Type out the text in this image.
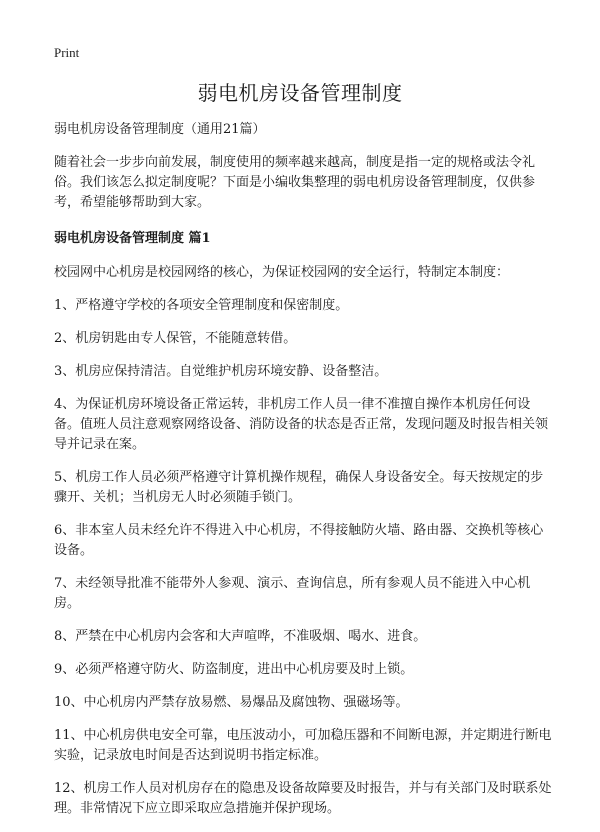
Print
弱电机房设备管理制度

弱电机房设备管理制度（通用21篇）

随着社会一步步向前发展，制度使用的频率越来越高，制度是指一定的规格或法令礼俗。我们该怎么拟定制度呢？下面是小编收集整理的弱电机房设备管理制度，仅供参考，希望能够帮助到大家。

弱电机房设备管理制度 篇1

校园网中心机房是校园网络的核心，为保证校园网的安全运行，特制定本制度：

1、严格遵守学校的各项安全管理制度和保密制度。

2、机房钥匙由专人保管，不能随意转借。

3、机房应保持清洁。自觉维护机房环境安静、设备整洁。

4、为保证机房环境设备正常运转，非机房工作人员一律不准擅自操作本机房任何设备。值班人员注意观察网络设备、消防设备的状态是否正常，发现问题及时报告相关领导并记录在案。

5、机房工作人员必须严格遵守计算机操作规程，确保人身设备安全。每天按规定的步骤开、关机；当机房无人时必须随手锁门。

6、非本室人员未经允许不得进入中心机房，不得接触防火墙、路由器、交换机等核心设备。

7、未经领导批准不能带外人参观、演示、查询信息，所有参观人员不能进入中心机房。

8、严禁在中心机房内会客和大声喧哗，不准吸烟、喝水、进食。

9、必须严格遵守防火、防盗制度，进出中心机房要及时上锁。

10、中心机房内严禁存放易燃、易爆品及腐蚀物、强磁场等。

11、中心机房供电安全可靠，电压波动小，可加稳压器和不间断电源，并定期进行断电实验，记录放电时间是否达到说明书指定标准。

12、机房工作人员对机房存在的隐患及设备故障要及时报告，并与有关部门及时联系处理。非常情况下应立即采取应急措施并保护现场。
